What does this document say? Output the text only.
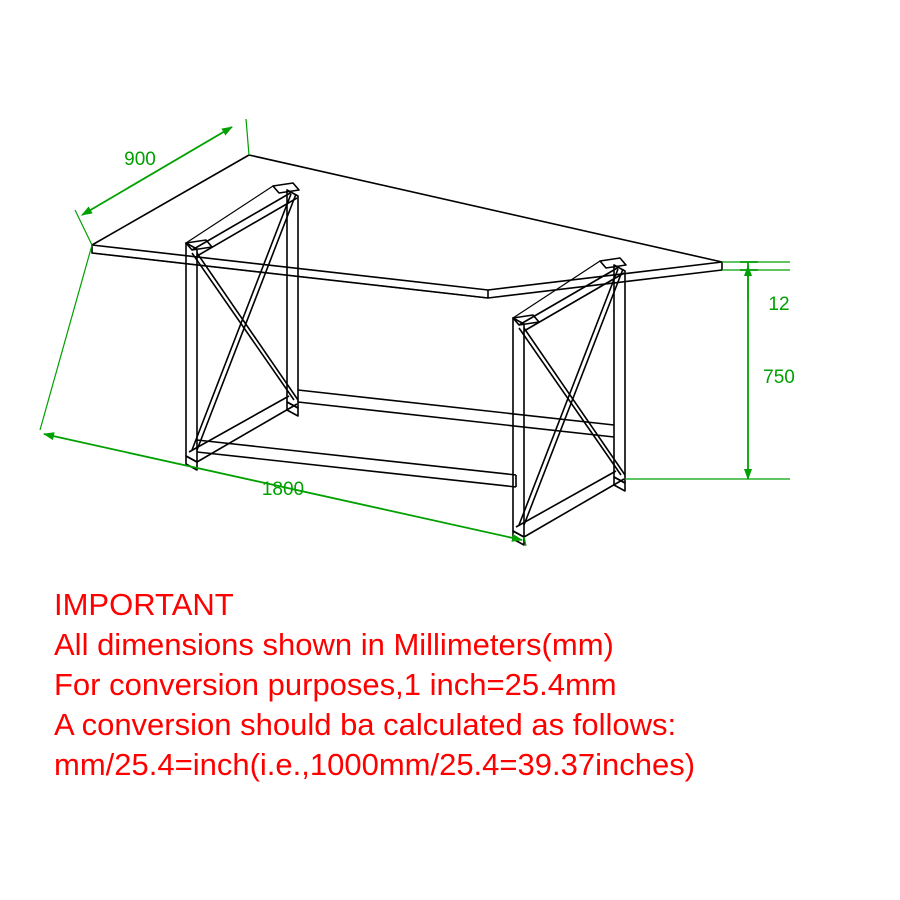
900
1800
12
750
IMPORTANT
All dimensions shown in Millimeters(mm)
For conversion purposes,1 inch=25.4mm
A conversion should ba calculated as follows:
mm/25.4=inch(i.e.,1000mm/25.4=39.37inches)
